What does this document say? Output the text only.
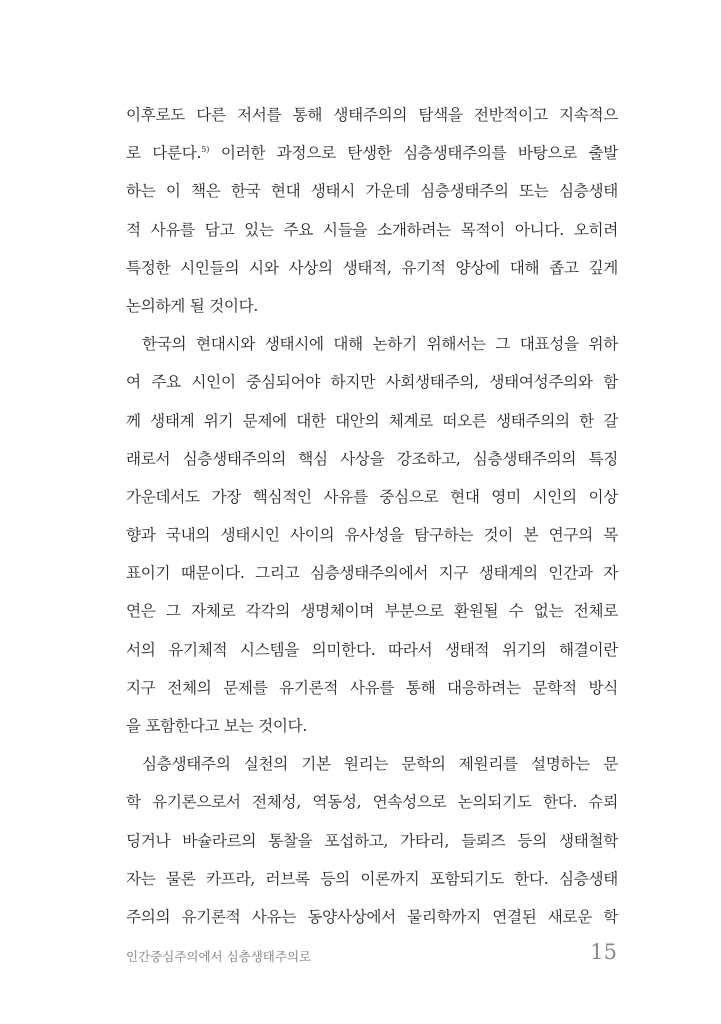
이후로도 다른 저서를 통해 생태주의의 탐색을 전반적이고 지속적으
로 다룬다.$^{5)}$ 이러한 과정으로 탄생한 심층생태주의를 바탕으로 출발
하는 이 책은 한국 현대 생태시 가운데 심층생태주의 또는 심층생태
적 사유를 담고 있는 주요 시들을 소개하려는 목적이 아니다. 오히려
특정한 시인들의 시와 사상의 생태적, 유기적 양상에 대해 좁고 깊게
논의하게 될 것이다.
한국의 현대시와 생태시에 대해 논하기 위해서는 그 대표성을 위하
여 주요 시인이 중심되어야 하지만 사회생태주의, 생태여성주의와 함
께 생태계 위기 문제에 대한 대안의 체계로 떠오른 생태주의의 한 갈
래로서 심층생태주의의 핵심 사상을 강조하고, 심층생태주의의 특징
가운데서도 가장 핵심적인 사유를 중심으로 현대 영미 시인의 이상
향과 국내의 생태시인 사이의 유사성을 탐구하는 것이 본 연구의 목
표이기 때문이다. 그리고 심층생태주의에서 지구 생태계의 인간과 자
연은 그 자체로 각각의 생명체이며 부분으로 환원될 수 없는 전체로
서의 유기체적 시스템을 의미한다. 따라서 생태적 위기의 해결이란
지구 전체의 문제를 유기론적 사유를 통해 대응하려는 문학적 방식
을 포함한다고 보는 것이다.
심층생태주의 실천의 기본 원리는 문학의 제원리를 설명하는 문
학 유기론으로서 전체성, 역동성, 연속성으로 논의되기도 한다. 슈뢰
딩거나 바슐라르의 통찰을 포섭하고, 가타리, 들뢰즈 등의 생태철학
자는 물론 카프라, 러브록 등의 이론까지 포함되기도 한다. 심층생태
주의의 유기론적 사유는 동양사상에서 물리학까지 연결된 새로운 학
인간중심주의에서 심층생태주의로	15
